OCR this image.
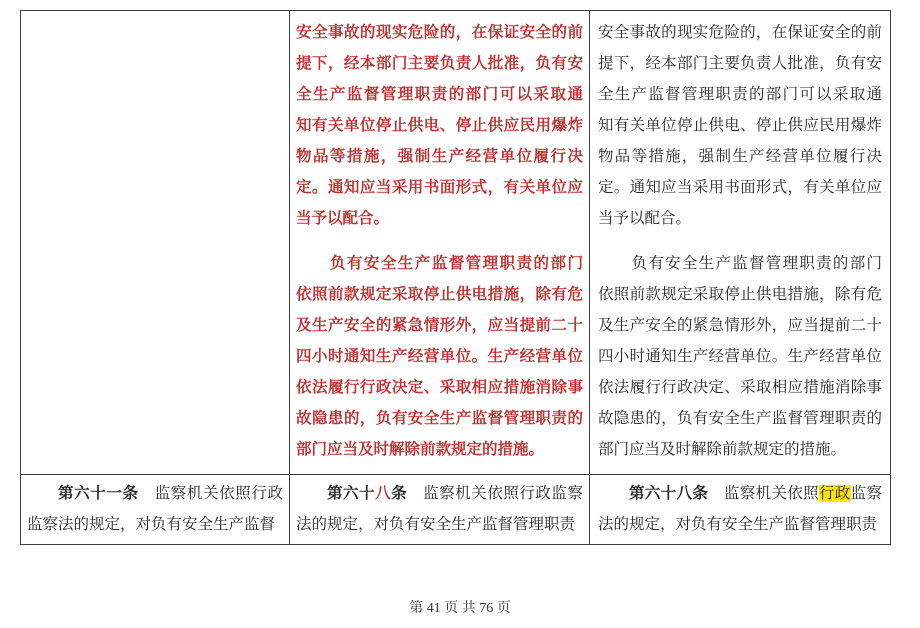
安全事故的现实危险的，在保证安全的前
提下，经本部门主要负责人批准，负有安
全生产监督管理职责的部门可以采取通
知有关单位停止供电、停止供应民用爆炸
物品等措施，强制生产经营单位履行决
定。通知应当采用书面形式，有关单位应
当予以配合。
　　负有安全生产监督管理职责的部门
依照前款规定采取停止供电措施，除有危
及生产安全的紧急情形外，应当提前二十
四小时通知生产经营单位。生产经营单位
依法履行行政决定、采取相应措施消除事
故隐患的，负有安全生产监督管理职责的
部门应当及时解除前款规定的措施。
安全事故的现实危险的，在保证安全的前
提下，经本部门主要负责人批准，负有安
全生产监督管理职责的部门可以采取通
知有关单位停止供电、停止供应民用爆炸
物品等措施，强制生产经营单位履行决
定。通知应当采用书面形式，有关单位应
当予以配合。
　　负有安全生产监督管理职责的部门
依照前款规定采取停止供电措施，除有危
及生产安全的紧急情形外，应当提前二十
四小时通知生产经营单位。生产经营单位
依法履行行政决定、采取相应措施消除事
故隐患的，负有安全生产监督管理职责的
部门应当及时解除前款规定的措施。
第六十一条　监察机关依照行政监察法的规定，对负有安全生产监督
第六十八条　监察机关依照行政监察法的规定，对负有安全生产监督管理职责
第六十八条　监察机关依照行政监察法的规定，对负有安全生产监督管理职责
第 41 页 共 76 页
